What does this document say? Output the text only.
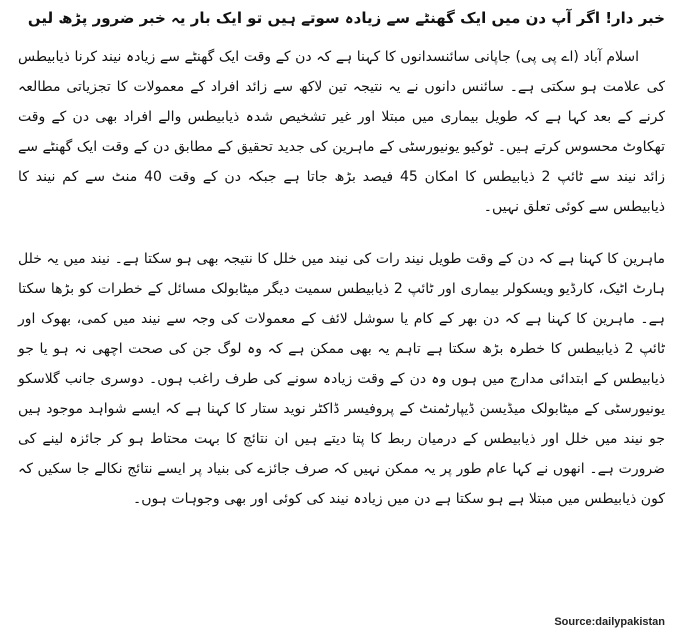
خبر دار! اگر آپ دن میں ایک گھنٹے سے زیادہ سوتے ہیں تو ایک بار یہ خبر ضرور پڑھ لیں

اسلام آباد (اے پی پی) جاپانی سائنسدانوں کا کہنا ہے کہ دن کے وقت ایک گھنٹے سے زیادہ نیند کرنا ذیابیطس کی علامت ہو سکتی ہے۔ سائنس دانوں نے یہ نتیجہ تین لاکھ سے زائد افراد کے معمولات کا تجزیاتی مطالعہ کرنے کے بعد کہا ہے کہ طویل بیماری میں مبتلا اور غیر تشخیص شدہ ذیابیطس والے افراد بھی دن کے وقت تھکاوٹ محسوس کرتے ہیں۔ ٹوکیو یونیورسٹی کے ماہرین کی جدید تحقیق کے مطابق دن کے وقت ایک گھنٹے سے زائد نیند سے ٹائپ 2 ذیابیطس کا امکان 45 فیصد بڑھ جاتا ہے جبکہ دن کے وقت 40 منٹ سے کم نیند کا ذیابیطس سے کوئی تعلق نہیں۔

ماہرین کا کہنا ہے کہ دن کے وقت طویل نیند رات کی نیند میں خلل کا نتیجہ بھی ہو سکتا ہے۔ نیند میں یہ خلل ہارٹ اٹیک، کارڈیو ویسکولر بیماری اور ٹائپ 2 ذیابیطس سمیت دیگر میٹابولک مسائل کے خطرات کو بڑھا سکتا ہے۔ ماہرین کا کہنا ہے کہ دن بھر کے کام یا سوشل لائف کے معمولات کی وجہ سے نیند میں کمی، بھوک اور ٹائپ 2 ذیابیطس کا خطرہ بڑھ سکتا ہے تاہم یہ بھی ممکن ہے کہ وہ لوگ جن کی صحت اچھی نہ ہو یا جو ذیابیطس کے ابتدائی مدارج میں ہوں وہ دن کے وقت زیادہ سونے کی طرف راغب ہوں۔ دوسری جانب گلاسکو یونیورسٹی کے میٹابولک میڈیسن ڈیپارٹمنٹ کے پروفیسر ڈاکٹر نوید ستار کا کہنا ہے کہ ایسے شواہد موجود ہیں جو نیند میں خلل اور ذیابیطس کے درمیان ربط کا پتا دیتے ہیں ان نتائج کا بہت محتاط ہو کر جائزہ لینے کی ضرورت ہے۔ انھوں نے کہا عام طور پر یہ ممکن نہیں کہ صرف جائزے کی بنیاد پر ایسے نتائج نکالے جا سکیں کہ کون ذیابیطس میں مبتلا ہے ہو سکتا ہے دن میں زیادہ نیند کی کوئی اور بھی وجوہات ہوں۔

Source:dailypakistan
